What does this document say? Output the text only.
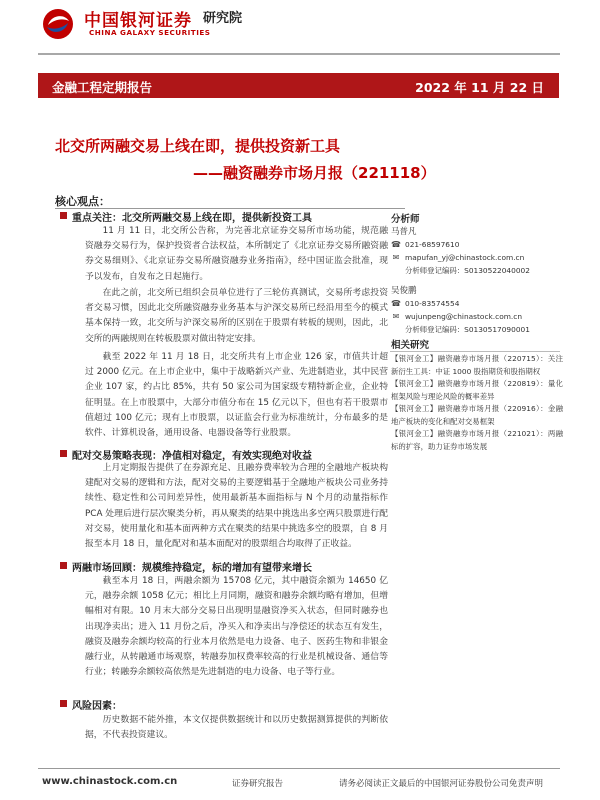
中国银河证券
CHINA GALAXY SECURITIES
研究院
金融工程定期报告	2022 年 11 月 22 日
北交所两融交易上线在即，提供投资新工具
——融资融券市场月报（221118）
核心观点：
重点关注：北交所两融交易上线在即，提供新投资工具
11 月 11 日，北交所公告称，为完善北京证券交易所市场功能，规范融资融券交易行为，保护投资者合法权益，本所制定了《北京证券交易所融资融券交易细则》、《北京证券交易所融资融券业务指南》，经中国证监会批准，现予以发布，自发布之日起施行。
在此之前，北交所已组织会员单位进行了三轮仿真测试，交易所考虑投资者交易习惯，因此北交所融资融券业务基本与沪深交易所已经沿用至今的模式基本保持一致，北交所与沪深交易所的区别在于股票有转板的规则，因此，北交所的两融规则在转板股票对做出特定安排。
截至 2022 年 11 月 18 日，北交所共有上市企业 126 家，市值共计超过 2000 亿元。在上市企业中，集中于战略新兴产业、先进制造业，其中民营企业 107 家，约占比 85%，共有 50 家公司为国家级专精特新企业，企业特征明显。在上市股票中，大部分市值分布在 15 亿元以下，但也有若干股票市值超过 100 亿元；现有上市股票，以证监会行业为标准统计，分布最多的是软件、计算机设备，通用设备、电器设备等行业股票。
配对交易策略表现：净值相对稳定，有效实现绝对收益
上月定期报告提供了在券源充足、且融券费率较为合理的全融地产板块构建配对交易的逻辑和方法，配对交易的主要逻辑基于全融地产板块公司业务持续性、稳定性和公司间差异性，使用最新基本面指标与 N 个月的动量指标作 PCA 处理后进行层次聚类分析，再从聚类的结果中挑选出多空两只股票进行配对交易，使用量化和基本面两种方式在聚类的结果中挑选多空的股票，自 8 月报至本月 18 日，量化配对和基本面配对的股票组合均取得了正收益。
两融市场回顾：规模维持稳定，标的增加有望带来增长
截至本月 18 日，两融余额为 15708 亿元，其中融资余额为 14650 亿元，融券余额 1058 亿元；相比上月同期，融资和融券余额均略有增加，但增幅相对有限。10 月末大部分交易日出现明显融资净买入状态，但同时融券也出现净卖出；进入 11 月份之后，净买入和净卖出与净偿还的状态互有发生，融资及融券余额均较高的行业本月依然是电力设备、电子、医药生物和非银金融行业，从转融通市场观察，转融券加权费率较高的行业是机械设备、通信等行业；转融券余额较高依然是先进制造的电力设备、电子等行业。
风险因素：
历史数据不能外推，本文仅提供数据统计和以历史数据测算提供的判断依据，不代表投资建议。
分析师
马普凡
☎ 021-68597610
✉ mapufan_yj@chinastock.com.cn
分析师登记编码：S0130522040002
吴俊鹏
☎ 010-83574554
✉ wujunpeng@chinastock.com.cn
分析师登记编码：S0130517090001
相关研究
【银河金工】融资融券市场月报（220715）：关注新衍生工具：中证 1000 股指期货和股指期权
【银河金工】融资融券市场月报（220819）：量化框架风险与理论风险的概率差异
【银河金工】融资融券市场月报（220916）：金融地产板块的变化和配对交易框架
【银河金工】融资融券市场月报（221021）：两融标的扩容，助力证券市场发展
www.chinastock.com.cn	证券研究报告	请务必阅读正文最后的中国银河证券股份公司免责声明
